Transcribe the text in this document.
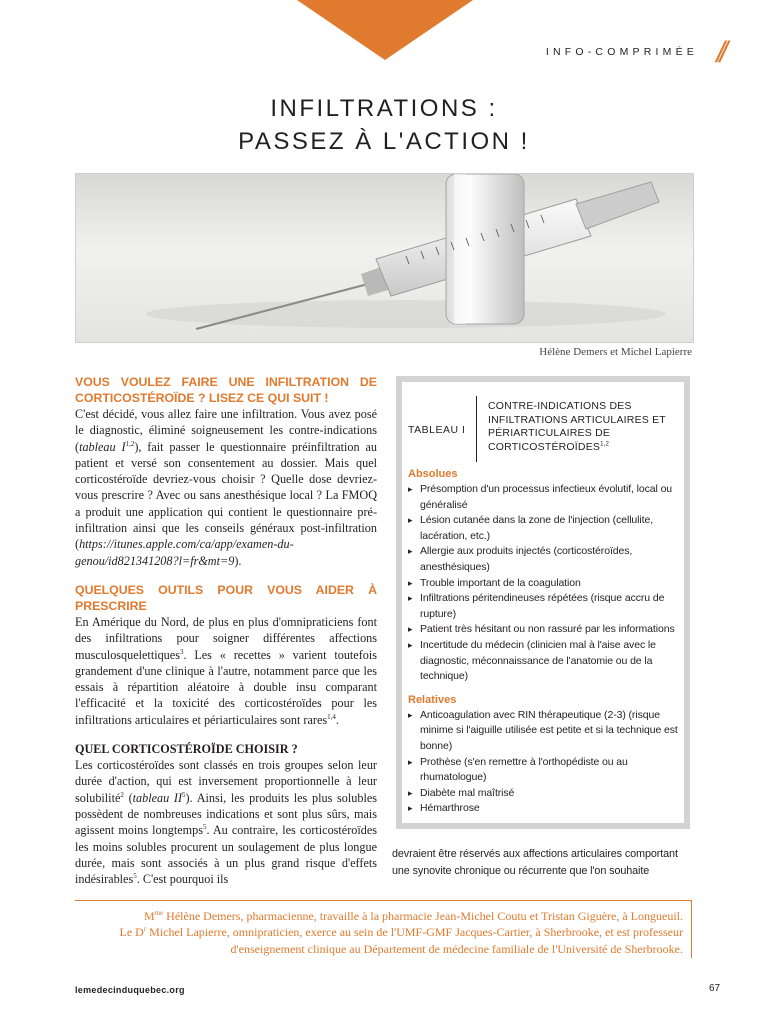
INFO-COMPRIMÉE //
INFILTRATIONS :
PASSEZ À L'ACTION !
Hélène Demers et Michel Lapierre
VOUS VOULEZ FAIRE UNE INFILTRATION DE CORTICOSTÉROÏDE ? LISEZ CE QUI SUIT !

C'est décidé, vous allez faire une infiltration. Vous avez posé le diagnostic, éliminé soigneusement les contre-indications (tableau I$^{1,2}$), fait passer le questionnaire préinfiltration au patient et versé son consentement au dossier. Mais quel corticostéroïde devriez-vous choisir ? Quelle dose devriez-vous prescrire ? Avec ou sans anesthésique local ? La FMOQ a produit une application qui contient le questionnaire pré-infiltration ainsi que les conseils généraux post-infiltration (https://itunes.apple.com/ca/app/examen-du-genou/id821341208?l=fr&mt=9).

QUELQUES OUTILS POUR VOUS AIDER À PRESCRIRE

En Amérique du Nord, de plus en plus d'omnipraticiens font des infiltrations pour soigner différentes affections musculosquelettiques$^3$. Les « recettes » varient toutefois grandement d'une clinique à l'autre, notamment parce que les essais à répartition aléatoire à double insu comparant l'efficacité et la toxicité des corticostéroïdes pour les infiltrations articulaires et périarticulaires sont rares$^{1,4}$.

QUEL CORTICOSTÉROÏDE CHOISIR ?

Les corticostéroïdes sont classés en trois groupes selon leur durée d'action, qui est inversement proportionnelle à leur solubilité$^2$ (tableau $II^5$). Ainsi, les produits les plus solubles possèdent de nombreuses indications et sont plus sûrs, mais agissent moins longtemps$^5$. Au contraire, les corticostéroïdes les moins solubles procurent un soulagement de plus longue durée, mais sont associés à un plus grand risque d'effets indésirables$^5$. C'est pourquoi ils

TABLEAU I
CONTRE-INDICATIONS DES INFILTRATIONS ARTICULAIRES ET PÉRIARTICULAIRES DE CORTICOSTÉROÏDES$^{1,2}$
Absolues
▸ Présomption d'un processus infectieux évolutif, local ou généralisé
▸ Lésion cutanée dans la zone de l'injection (cellulite, lacération, etc.)
▸ Allergie aux produits injectés (corticostéroïdes, anesthésiques)
▸ Trouble important de la coagulation
▸ Infiltrations péritendineuses répétées (risque accru de rupture)
▸ Patient très hésitant ou non rassuré par les informations
▸ Incertitude du médecin (clinicien mal à l'aise avec le diagnostic, méconnaissance de l'anatomie ou de la technique)
Relatives
▸ Anticoagulation avec RIN thérapeutique (2-3) (risque minime si l'aiguille utilisée est petite et si la technique est bonne)
▸ Prothèse (s'en remettre à l'orthopédiste ou au rhumatologue)
▸ Diabète mal maîtrisé
▸ Hémarthrose

devraient être réservés aux affections articulaires comportant une synovite chronique ou récurrente que l'on souhaite

$M^{me}$ Hélène Demers, pharmacienne, travaille à la pharmacie Jean-Michel Coutu et Tristan Giguère, à Longueuil.

Le $D^r$ Michel Lapierre, omnipraticien, exerce au sein de l'UMF-GMF Jacques-Cartier, à Sherbrooke, et est professeur d'enseignement clinique au Département de médecine familiale de l'Université de Sherbrooke.

lemedecinduquebec.org	67
